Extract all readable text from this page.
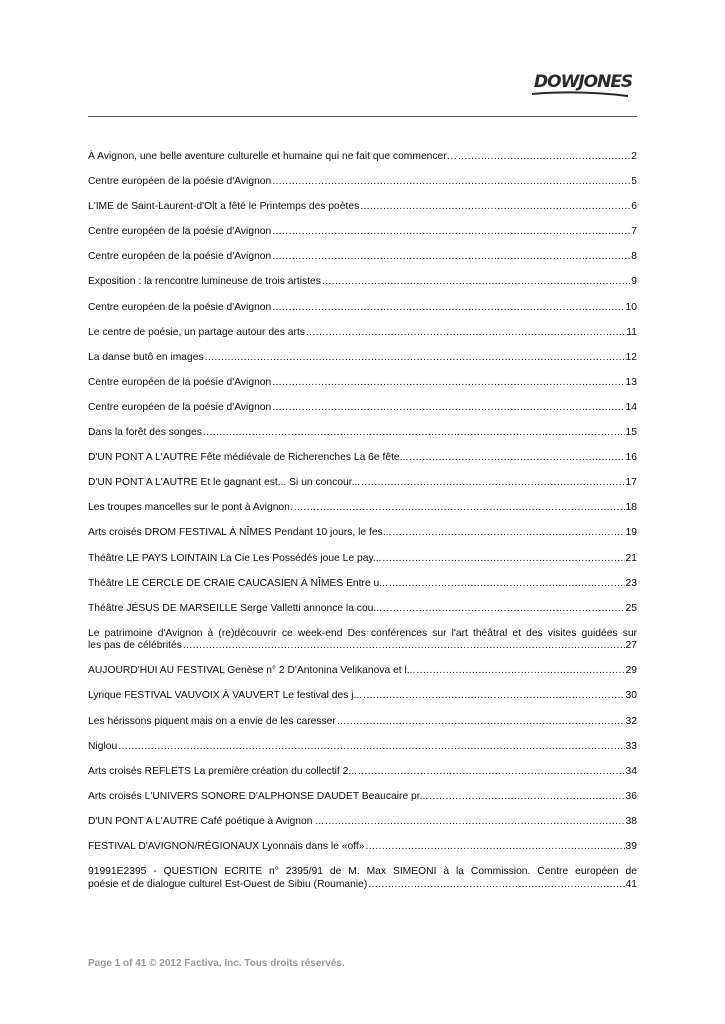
DOWJONES
À Avignon, une belle aventure culturelle et humaine qui ne fait que commencer… .....	2
Centre européen de la poésie d'Avignon .....	5
L'IME de Saint-Laurent-d'Olt a fêté le Printemps des poètes .....	6
Centre européen de la poésie d'Avignon .....	7
Centre européen de la poésie d'Avignon .....	8
Exposition : la rencontre lumineuse de trois artistes .....	9
Centre européen de la poésie d'Avignon .....	10
Le centre de poésie, un partage autour des arts .....	11
La danse butô en images .....	12
Centre européen de la poésie d'Avignon .....	13
Centre européen de la poésie d'Avignon .....	14
Dans la forêt des songes .....	15
D'UN PONT A L'AUTRE Fête médiévale de Richerenches La 6e fête... .....	16
D'UN PONT A L'AUTRE Et le gagnant est... Si un concour... .....	17
Les troupes mancelles sur le pont à Avignon. .....	18
Arts croisés DROM FESTIVAL À NÎMES Pendant 10 jours, le fes... .....	19
Théâtre LE PAYS LOINTAIN La Cie Les Possédés joue Le pay... .....	21
Théâtre LE CERCLE DE CRAIE CAUCASIEN À NÎMES Entre u... .....	23
Théâtre JÉSUS DE MARSEILLE Serge Valletti annonce la cou... .....	25
Le patrimoine d'Avignon à (re)découvrir ce week-end Des conférences sur l'art théâtral et des visites guidées sur
les pas de célébrités .....	27
AUJOURD'HUI AU FESTIVAL Genèse n° 2 D'Antonina Velikanova et l... .....	29
Lyrique FESTIVAL VAUVOIX À VAUVERT Le festival des j... .....	30
Les hérissons piquent mais on a envie de les caresser .....	32
Niglou .....	33
Arts croisés REFLETS La première création du collectif 2... .....	34
Arts croisés L'UNIVERS SONORE D'ALPHONSE DAUDET Beaucaire pr... .....	36
D'UN PONT A L'AUTRE Café poétique à Avignon ... .....	38
FESTIVAL D'AVIGNON/RÉGIONAUX Lyonnais dans le «off» .....	39
91991E2395 - QUESTION ECRITE n° 2395/91 de M. Max SIMEONI à la Commission. Centre européen de
poésie et de dialogue culturel Est-Ouest de Sibiu (Roumanie) .....	41
Page 1 of 41 © 2012 Factiva, Inc. Tous droits réservés.
